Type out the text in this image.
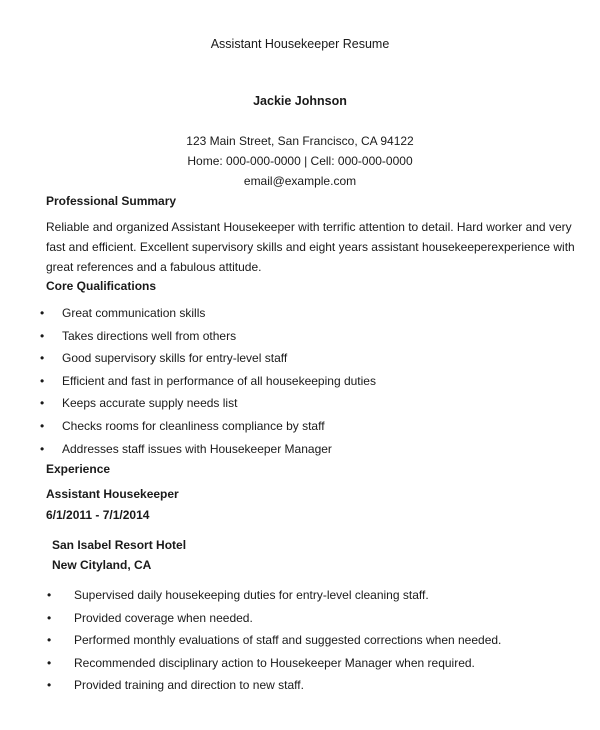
Assistant Housekeeper Resume
Jackie Johnson
123 Main Street, San Francisco, CA 94122
Home: 000-000-0000 | Cell: 000-000-0000
email@example.com
Professional Summary
Reliable and organized Assistant Housekeeper with terrific attention to detail. Hard worker and very
fast and efficient. Excellent supervisory skills and eight years assistant housekeeperexperience with
great references and a fabulous attitude.
Core Qualifications
• Great communication skills
• Takes directions well from others
• Good supervisory skills for entry-level staff
• Efficient and fast in performance of all housekeeping duties
• Keeps accurate supply needs list
• Checks rooms for cleanliness compliance by staff
• Addresses staff issues with Housekeeper Manager
Experience
Assistant Housekeeper
6/1/2011 - 7/1/2014
San Isabel Resort Hotel
New Cityland, CA
• Supervised daily housekeeping duties for entry-level cleaning staff.
• Provided coverage when needed.
• Performed monthly evaluations of staff and suggested corrections when needed.
• Recommended disciplinary action to Housekeeper Manager when required.
• Provided training and direction to new staff.
